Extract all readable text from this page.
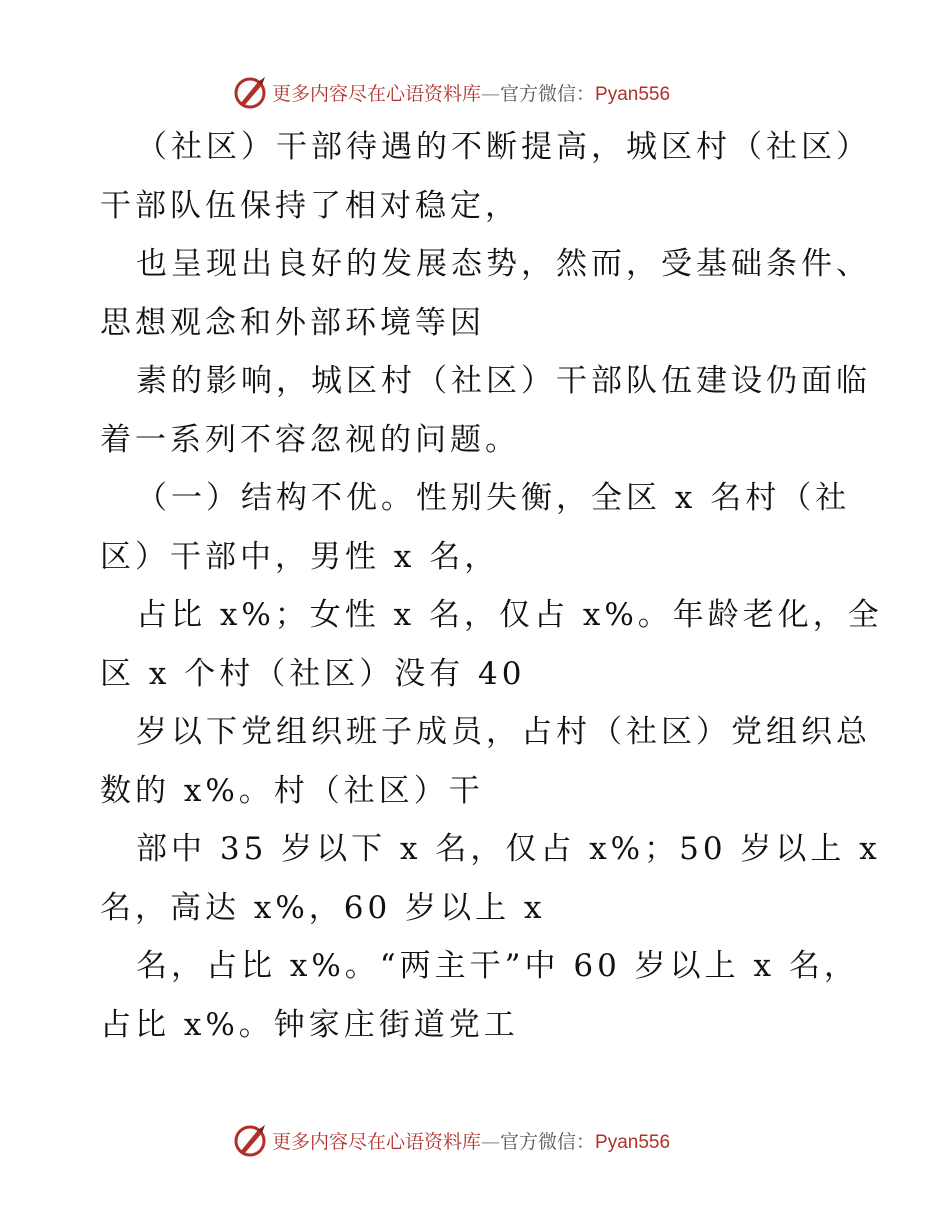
更多内容尽在心语资料库—官方微信：Pyan556
（社区）干部待遇的不断提高，城区村（社区）
干部队伍保持了相对稳定，
也呈现出良好的发展态势，然而，受基础条件、
思想观念和外部环境等因
素的影响，城区村（社区）干部队伍建设仍面临
着一系列不容忽视的问题。
（一）结构不优。性别失衡，全区 x 名村（社
区）干部中，男性 x 名，
占比 x%；女性 x 名，仅占 x%。年龄老化，全
区 x 个村（社区）没有 40
岁以下党组织班子成员，占村（社区）党组织总
数的 x%。村（社区）干
部中 35 岁以下 x 名，仅占 x%；50 岁以上 x
名，高达 x%，60 岁以上 x
名，占比 x%。“两主干”中 60 岁以上 x 名，
占比 x%。钟家庄街道党工
更多内容尽在心语资料库—官方微信：Pyan556
